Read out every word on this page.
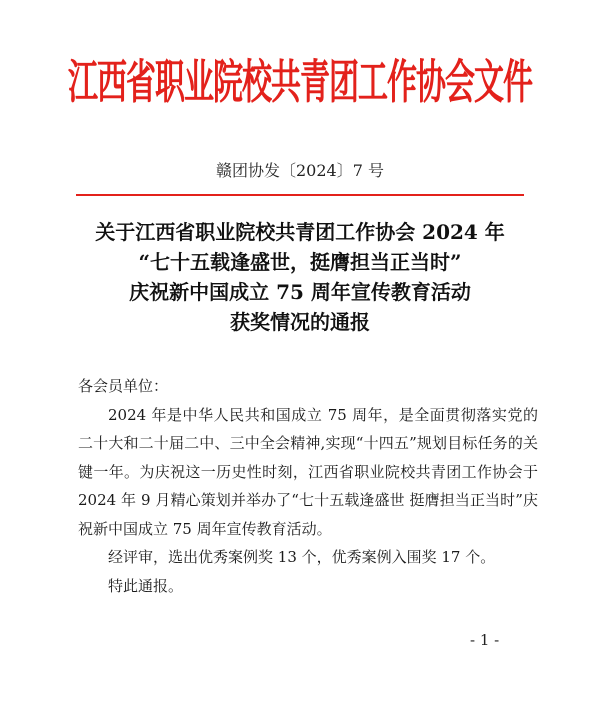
江西省职业院校共青团工作协会文件
赣团协发〔2024〕7 号
关于江西省职业院校共青团工作协会 2024 年
“七十五载逢盛世，挺膺担当正当时”
庆祝新中国成立 75 周年宣传教育活动
获奖情况的通报
各会员单位：
2024 年是中华人民共和国成立 75 周年，是全面贯彻落实党的二十大和二十届二中、三中全会精神,实现“十四五”规划目标任务的关键一年。为庆祝这一历史性时刻，江西省职业院校共青团工作协会于 2024 年 9 月精心策划并举办了“七十五载逢盛世 挺膺担当正当时”庆祝新中国成立 75 周年宣传教育活动。
经评审，选出优秀案例奖 13 个，优秀案例入围奖 17 个。
特此通报。
- 1 -
